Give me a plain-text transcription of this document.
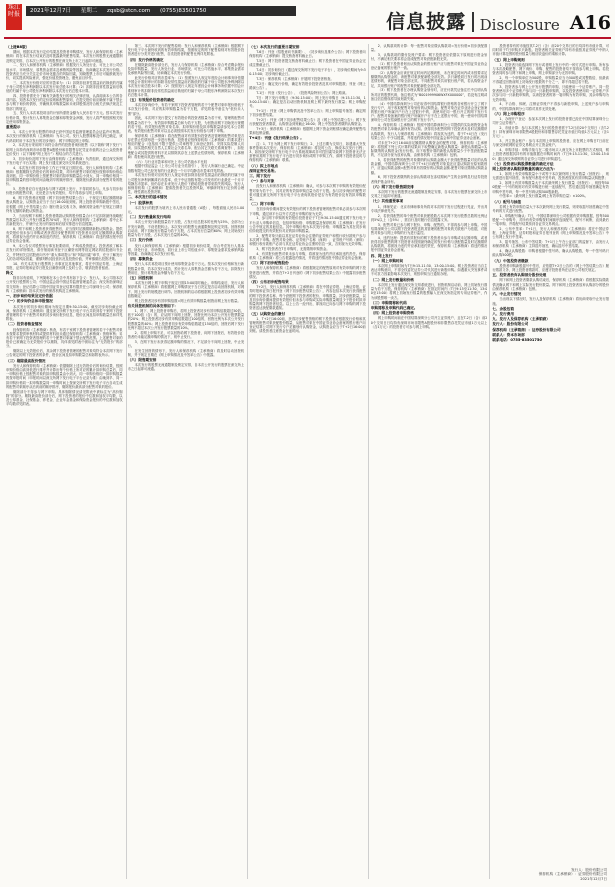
珠江时报	2021年12月7日 星期二 zqsb@stcn.com (0755)83501750	信息披露 Disclosure A16
（上接B8版）
期间，根据本次发行定价结果及投资者申购情况，发行人和保荐机构（主承销商）将在本次发行结束后及时披露最终配售结果。本次发行的股票无流通限制及锁定安排，自本次公开发行的股票在深交所上市之日起即可流通。
二、发行人和保荐机构（主承销商）根据发行人所处行业、可比上市公司估值水平、市场情况、募集资金需求及承销风险等因素，协商确定本次发行价格。投资者应当充分关注定价市场化蕴含的风险因素，知晓股票上市后可能跌破发行价，切实提高风险意识，强化价值投资理念，避免盲目炒作。
三、本次发行价格对应的市盈率为：（1）扣除非经常性损益前后孰低的归属于母公司股东净利润除以本次发行前总股本计算；（2）扣除非经常性损益前后孰低的归属于母公司股东净利润除以本次发行后总股本计算。
四、投资者需充分了解有关新股发行的相关法律法规，认真阅读本公告的各项内容，知悉本次发行的定价原则和配售原则，在提交报价前应确保不属于禁止参与网下询价的情形，并确保其申购数量和未来持股情况符合相关法律法规及主管部门的规定。
五、发行人本次募投项目的计划所需资金额为人民币若干万元。按本次发行价格计算，预计发行人募集资金总额和募集资金净额，发行人将严格按照相关规定使用募集资金。
重要提示
1、本次公开发行股票的申请已获中国证券监督管理委员会证监许可核准。本次发行的保荐机构（主承销商）为本公司。发行人股票简称及代码已确定，该代码同时用于本次发行的初步询价、网下申购及网上申购。
2、本次发行采用网下向符合条件的投资者询价配售（以下简称“网下发行”）和网上向持有深圳市场非限售A股股份和非限售存托凭证市值的社会公众投资者定价发行（以下简称“网上发行”）相结合的方式进行。
3、初步询价及网下发行由保荐机构（主承销商）负责组织，通过深交所网下发行电子平台实施；网上发行通过深交所交易系统进行。
4、本次发行的初步询价工作已于规定日期完成。发行人和保荐机构（主承销商）根据剔除无效报价后的询价结果，对所有配售对象的报价按照申购价格由高到低、同一申购价格上按配售对象的拟申购数量由小到大、同一申购价格同一拟申购数量的按申报时间由晚到早的顺序排序，剔除报价最高部分配售对象的报价。
5、投资者应自行选择参与网下或网上发行，不得同时参与。凡参与初步询价报价的配售对象，无论是否为有效报价，均不得再参与网上申购。
6、网下投资者应根据《网下初步配售结果公告》，于规定日期足额缴纳新股认购资金，认购资金应当于当日16:00前到账。网上投资者申购新股中签后，应根据《网上中签结果公告》履行资金交收义务，确保其资金账户在规定日期日终有足额的新股认购资金。
7、当出现网下和网上投资者缴款认购的股份数量合计不足扣除最终战略配售数量后本次公开发行数量的70%时，发行人和保荐机构（主承销商）将中止本次新股发行，并就中止发行的原因和后续安排进行信息披露。
8、网下和网上投资者获得配售后，应当按时足额缴纳新股认购资金。提供有效报价但未参与申购或者获得初步配售的网下投资者未及时足额缴纳认购款的，将被视为违约并应承担违约责任，保荐机构（主承销商）将违约情况报中国证券业协会备案。
9、本公告仅对股票发行事宜扼要说明，不构成投资建议。投资者欲了解本次发行的详细情况，请仔细阅读刊登于巨潮资讯网等指定网站的招股意向书全文，并特别关注招股意向书中“重大事项提示”和“风险因素”章节，充分了解发行人的各项风险因素，谨慎判断其经营状况及投资价值，并审慎做出投资决策。
10、有关本次发行股票的上市事宜及其他事宜，将在中国证券报、上海证券报、证券时报和证券日报及巨潮资讯网上及时公告，敬请投资者留意。
释义
除非另有说明，下列简称在本公告中具有如下含义：发行人、本公司指本次公开发行股票的公司；中国证监会指中国证券监督管理委员会；深交所指深圳证券交易所；登记结算公司指中国证券登记结算有限责任公司深圳分公司；保荐机构（主承销商）指本次发行的保荐机构及主承销商。
一、初步询价结果及定价依据
（一）初步询价总体申报情况
本次发行的初步询价期间为规定日期9:30-15:00。截至初步询价截止时间，保荐机构（主承销商）通过深交所网下发行电子平台共收到若干家网下投资者管理的若干个配售对象的初步询价报价信息，报价区间及拟申购数量总和详见附表。
（二）投资者核查情况
经保荐机构（主承销商）核查，有若干家网下投资者管理的若干个配售对象未按要求提供审核材料或提供材料但未通过保荐机构（主承销商）资格审核；另有若干家网下投资者管理的若干个配售对象属于禁止配售范围。上述配售对象的报价已被确定为无效报价予以剔除，具体请见附表中被标注为“无效报价”的部分。
剔除以上无效报价后，其余网下投资者管理的配售对象均符合本次网下发行公告规定的网下投资者的条件，报价区间及拟申购数量总和如附表所示。
（三）剔除最高报价情况
发行人和保荐机构（主承销商）依据剔除上述无效报价后的询价结果，按照申购价格由高到低进行排序并计算出每个价格上所对应的累计拟申购总量后，同一申购价格上按配售对象的拟申购数量由小到大、同一申购价格同一拟申购数量的按申报时间（申报时间以深交所网下发行电子平台记录为准）由晚到早、同一拟申购价格同一拟申购数量同一申购时间上按深交所网下发行电子平台自动生成的配售对象顺序从后到前的顺序排序，剔除报价最高部分配售对象的报价。
剔除部分不得参与网下申购。具体剔除情况请见附表中被标注为“高价剔除”的部分。剔除最高报价部分后，网下投资者的报价中位数和加权平均数，以及公募基金、社保基金、养老金、企业年金基金和保险资金报价的中位数和加权平均数详见附表。
第三、本次网下发行的配售原则：发行人和保荐机构（主承销商）根据网下发行电子平台最终收到的有效申购结果，按照规定的网下配售原则对有效报价投资者进行分类并进行配售，各类投资者的配售比例详见附表。
（四）发行价格的确定
在剔除最高报价部分后，发行人与保荐机构（主承销商）综合考虑剩余报价及拟申购数量、发行人所处行业、市场情况、可比公司估值水平、募集资金需求及承销风险等因素，协商确定本次发行价格。
此发行价格对应的市盈率为：（1）按照发行人规定年度经会计师事务所依据中国会计准则审计的扣除非经常性损益前后孰低的归属于母公司股东净利润除以本次发行前总股本计算；（2）按照发行人规定年度经会计师事务所依据中国会计准则审计的扣除非经常性损益前后孰低的归属于母公司股东净利润除以本次发行后总股本计算。
（五）有效报价投资者的确定
本次初步询价中，有若干家网下投资者管理的若干个配售对象申报价格低于本次发行价格，对应的拟申购数量为若干万股，详见附表中备注为“低价未入围”部分。
因此，本次网下发行提交了有效报价的投资者数量为若干家，管理的配售对象数量为若干个，有效拟申购数量总和为若干万股，为回拨前网下初始发行规模的若干倍。有效报价配售对象名单、拟申购价格及拟申购数量请参见本公告附表。有效报价配售对象可以且必须按照本次发行价格参与网下申购。
保荐机构（主承销商）将在配售前对有效报价投资者及管理的配售对象是否存在禁止性情形进一步进行核查，投资者应按保荐机构（主承销商）的要求进行相应的配合（包括但不限于提供公司章程等工商登记资料、安排实际控制人访谈、如实提供相关自然人主要社会关系名单、配合其它关联关系调查等），如拒绝配合或其提供的材料不足以排除其存在上述禁止性情形的，保荐机构（主承销商）将拒绝向其进行配售。
（六）与行业市盈率和可比上市公司估值水平比较
根据中国证监会《上市公司行业分类指引》，发行人所属行业已确定。中证指数有限公司已经发布的行业最近一个月平均静态市盈率详见附表。
本次发行价格对应的发行人规定年度扣除非经常性损益前后孰低的归属于母公司股东净利润摊薄后市盈率，低于中证指数有限公司发布的行业最近一个月平均静态市盈率，但仍存在未来发行人股价下跌给投资者带来损失的风险。发行人和保荐机构（主承销商）提请投资者关注投资风险，审慎研判发行定价的合理性，理性做出投资决策。
二、本次发行的基本情况
（一）股票种类
本次发行的股票为境内上市人民币普通股（A股），每股面值人民币1.00元。
（二）发行数量和发行结构
本次公开发行新股数量若干万股，占发行后总股本的比例为25%，全部为公开发行新股，不设老股转让。本次发行的股票无流通限制及锁定安排。回拨机制启动前，网下初始发行数量为若干万股，占本次发行总量的60%；网上初始发行数量为若干万股，占本次发行总量的40%。
（三）发行价格
发行人和保荐机构（主承销商）根据初步询价结果，综合考虑发行人基本面、所处行业、市场情况、同行业上市公司估值水平、募集资金需求及承销风险等因素，协商确定本次发行价格。
（四）募集资金
发行人本次募投项目预计使用募集资金若干万元。按本次发行价格和发行新股数量计算，若本次发行成功，预计发行人募集资金总额为若干万元，扣除发行费用后，预计募集资金净额为若干万元。
（五）回拨机制
本次发行网上网下申购于规定日期15:00同时截止。申购结束后，发行人和保荐机构（主承销商）将根据网上申购情况于当日决定是否启动回拨机制，对网下、网上发行的规模进行调节。回拨机制的启动将根据网上投资者初步有效申购倍数确定：
网上投资者初步有效申购倍数=网上有效申购数量/回拨前网上发行数量。
有关回拨机制的具体安排如下：
1、网下、网上投资者申购后，若网上投资者初步有效申购倍数超过50倍、低于100倍（含）的，应从网下向网上回拨，回拨比例为本次公开发行股票数量的20%；网上投资者初步有效申购倍数超过100倍的，回拨比例为本次公开发行股票数量的40%；网上投资者初步有效申购倍数超过150倍的，回拨后网下发行比例不超过本次公开发行股票数量的10%。
2、若网上申购不足，可以回拨给网下投资者，向网下回拨后，有效报价投资者仍未能足额申购的情况下，则中止发行。
3、在网下发行未获得足额申购的情况下，不足部分不向网上回拨，中止发行。
在发生回拨的情形下，发行人和保荐机构（主承销商）将及时启动回拨机制，并于规定日期在《网上申购情况及中签率公告》中披露。
（六）限售期安排
本次发行的股票无流通限制及锁定安排，自本次公开发行的股票在深交所上市之日起即可流通。
（七）本次发行的重要日期安排
T-6日：刊登《招股意向书摘要》、《初步询价及推介公告》；网下投资者向保荐机构（主承销商）提交核查材料截止日。
T-5日：网下投资者提交核查材料截止日；网下投资者在中国证券业协会完成注册截止日。
T-4日：初步询价日（通过深交所网下发行电子平台），初步询价期间为9:30-15:00；初步询价截止日。
T-3日：保荐机构（主承销商）开展网下投资者核查。
T-2日：确定发行价格，确定有效报价投资者及其可申购股数；刊登《网上路演公告》。
T-1日：刊登《发行公告》、《投资风险特别公告》；网上路演。
T日：网下发行申购日（9:30-15:00）；网上发行申购日（9:15-11:30，13:00-15:00）；确定是否启动回拨机制及网上网下最终发行数量；网上申购配号。
T+1日：刊登《网上申购情况及中签率公告》；网上申购摇号抽签；确定网下初步配售结果。
T+2日：刊登《网下初步配售结果公告》及《网上中签结果公告》；网下发行获配投资者缴款，认购资金到账截止16:00；网上中签投资者缴纳认购资金。
T+3日：保荐机构（主承销商）根据网上网下资金到账情况确定最终配售结果和包销金额。
T+4日：刊登《发行结果公告》。
注：1、T日为网上网下发行申购日；2、上述日期为交易日，如遇重大突发事件影响本次发行，保荐机构（主承销商）将及时公告，修改本次发行日程；3、如因深交所网下发行电子平台系统故障或非可控因素导致网下投资者无法正常使用其网下发行电子平台进行初步询价或网下申购工作，请网下投资者及时与保荐机构（主承销商）联系。
（八）拟上市地点
深圳证券交易所。
三、网下发行
（一）参与对象
经发行人和保荐机构（主承销商）确认，可参与本次网下申购的有效报价配售对象为若干个，其对应的有效拟申购总量为若干万股。参与初步询价的配售对象可通过深交所网下发行电子平台查询其报价是否为有效报价及有效拟申购数量。
（二）网下申购
在初步询价期间提交有效报价的网下投资者管理的配售对象必须参与本次网下申购，通过该平台以外方式进行申购的视为无效。
1、参与网下申购的有效报价投资者应于T日9:30-15:00通过网下发行电子平台录入申购单信息，包括申购价格、申购数量及保荐机构（主承销商）在发行公告中规定的其他信息。其中申购价格为本次发行价格；申购数量为其在初步询价阶段提交的有效报价对应的拟申购数量。
2、配售对象只能以其在证券业协会注册的证券账户和银行收付款账户参与本次网下申购。配售对象全称、证券账户名称（深圳）、证券账户号码（深圳）和银行收付款账户必须与其在证券业协会注册的信息一致，否则视为无效申购。
3、网下投资者在T日申购时，无需缴纳申购资金。
4、有效报价配售对象未参与申购，将被视为违约并应承担违约责任。保荐机构（主承销商）将公告披露违约情况，并将违约情况报中国证券业协会备案。
（三）网下初步配售股份
发行人和保荐机构（主承销商）将根据规定的配售原则对有效申购的网下投资者进行配售，并将在T+2日刊登的《网下初步配售结果公告》中披露初步配售情况。
（四）公布初步配售结果
T+2日，发行人和保荐机构（主承销商）将在中国证券报、上海证券报、证券时报和证券日报刊登《网下初步配售结果公告》，内容包括本次发行获得配售的网下投资者名称、每个获配网下投资者的报价、申购数量、初步获配数量，以及初步询价期间提供有效报价但未参与申购或实际申购数量明显少于报价时拟申购量的网下投资者信息。以上公告一经刊出，即视同已向参与网下申购的网下投资者送达获配缴款通知。
（五）认购资金的缴付
1、T+2日16:00前，获得初步配售资格的网下投资者应根据发行价格和其管理的配售对象获配股份数量，从配售对象在中国证券业协会备案的银行账户向登记结算公司网下发行专户足额划付认购资金，认购资金应当于T+2日16:00前到账。请投资者注意资金在途时间。
2、认购款项的计算：每一配售对象应缴认购款项=发行价格×初步获配数量。
3、认购款项的缴付及账户要求：网下投资者应依据以下原则进行资金划付，不满足相关要求将会造成配售对象获配新股无效。
（1）网下投资者划出认购资金的银行账户应与配售对象在中国证券业协会登记备案的银行账户一致。
（2）认购资金应该在规定时间内足额到账，未在规定时间内或未按要求足额缴纳认购资金的，该配售对象获配新股全部无效。多只新股同日发行时出现前述情形的，该配售对象全部无效。不同配售对象共用银行账户的，若认购资金不足，共用银行账户的配售对象获配新股全部无效。
（3）网下投资者在办理认购资金划付时，应在付款凭证备注栏中注明认购所对应的股票代码，备注格式为“B001999906WXFX000000”，若没有注明或备注信息错误将导致划款失败。
（4）中国结算深圳分公司在取得中国结算银行资格的各家银行开立了网下发行专户，用于收取配售对象划付的认购资金。配售对象在证券业协会登记备案的银行账户所属开户行在上述银行中的，须使用在同一银行开立的网下发行专户；配售对象备案的银行账户所属开户行不在上述银行中的，统一使用中国结算深圳分公司在招商银行开立的网下发行专户。
4、保荐机构（主承销商）按照中国结算深圳分公司提供的实际划拨资金有效配售对象名单确认最终有效认购。获得初步配售的网下投资者未及时足额缴纳认购款的，发行人与保荐机构（主承销商）将视其为违约，将于T+4日在《发行结果公告》中予以披露，并将违约情况报中国证监会和中国证券业协会备案。
对未在T+2日16:00前足额缴纳认购资金的配售对象，保荐机构（主承销商）将按照下列公式计算的结果向下取整确定新股认购数量：新股认购数量=实际缴纳的认购资金/发行价格。向下取整计算的新股认购数量少于中签获配数量的，不足部分视为放弃认购，由保荐机构（主承销商）包销。
5、若获得配售的配售对象缴纳的认购款金额大于获得配售数量对应的认购款金额，中国结算深圳分公司于T+4日向配售对象退还应退认购款至原划款账户，应退认购款金额=配售对象有效缴付的认购款金额-配售对象应缴纳认购款金额。
6、网下投资者缴纳的全部认购款项在冻结期间产生的全部利息归证券投资者保护基金所有。
（六）网下发行限售期安排
本次网下发行的股票无流通限制及锁定安排，自本次发行股票在深交所上市交易之日起即可流通。
（七）其他重要事项
1、律师见证：北京市律师事务所将对本次网下发行过程进行见证，并出具专项法律意见书。
2、若获得配售的单个配售对象获配股数占本次网下发行股票总数的比例达到5%以上（含5%），需自行及时履行信息披露义务。
3、配售对象已参与网下报价、申购、配售的，不得再参与网上申购。中国结算深圳分公司以网下投资者报送的其管理的配售对象的关联账户为依据，对配售对象参与网上申购的行为进行监控。
4、违约处理：提供有效报价的网下投资者未参与申购或未足额申购，或者获得初步配售的网下投资者未按照最终确定的发行价格与获配数量及时足额缴纳认购款的，将被视为违约并应承担违约责任，保荐机构（主承销商）将违约情况报中国证券业协会备案。
四、网上发行
（一）网上申购时间
本次网上申购时间为T日9:15-11:30、13:00-15:00。网上投资者应当自主表达申购意向，不得全权委托证券公司代其进行新股申购。如遇重大突发事件或不可抗力因素影响本次发行，则按申购当日通知办理。
（二）网上发行数量和价格
本次网上发行通过深交所交易系统进行，回拨机制启动前，网上初始发行数量为若干万股。保荐机构（主承销商）在指定时间内（T日9:15至11:30，13:00至15:00）将网上初始发行数量的股票输入在深交所指定的专用证券账户，作为该股票唯一卖方。
（三）申购简称和代码
申购简称及申购代码已确定。
（四）网上投资者申购资格
网上申购时间前在中国结算深圳分公司开立证券账户、且在T-2日（含）前20个交易日日均持有深圳市场非限售A股股份和非限售存托凭证市值1万元以上（含1万元）的投资者方可参与网上申购。
投资者持有的市值按其T-2日（含）前20个交易日的日均持有市值计算，可同时用于T日申购多只新股。投资者相关证券账户持有市值按其证券账户中纳入市值计算范围的股份数量与相应收盘价的乘积计算。
（五）网上申购规则
1、投资者只能选择网下发行或者网上发行中的一种方式进行申购。所有参与本次战略配售、网下询价、申购、配售的投资者均不得再参与网上申购。若投资者同时参与网下和网上申购，网上申购部分为无效申购。
2、每一个申购单位为500股，申购数量应当为500股或其整数倍，但最高不得超过回拨前网上初始发行股数的千分之一，即不得超过若干股。
3、投资者参与网上公开发行股票的申购，只能使用一个证券账户。同一投资者使用多个证券账户参与同一只新股申购的，以及投资者使用同一证券账户多次参与同一只新股申购的，以该投资者的第一笔申购为有效申购，其余申购均为无效申购。
4、不合格、休眠、注销证券账户不得参与新股申购，上述账户参与申购的，中国结算深圳分公司将对其作无效处理。
（六）网上申购程序
1、办理开户登记：参加本次网上发行的投资者需已经在中国结算深圳分公司开立证券账户。
2、市值计算：参与本次网上发行的投资者需于T-2日前20个交易日（含T-2日）持有深圳市场非限售A股股份和非限售存托凭证市值日均值1万元以上（含1万元）。
3、开立资金账户：参与本次网上申购的投资者，应在网上申购日T日前在与深交所联网的证券交易网点开立资金账户。
4、申购手续：申购手续与在二级市场买入深交所上市股票的方式相同，网上投资者根据其持有的市值数据在申购时间内（T日9:15-11:30，13:00-15:00）通过深交所联网的各证券公司进行申购委托。
（七）投资者认购股票数量的确定方法
网上投资者认购股票数量的确定方法为：
1、如网上有效申购数量小于或等于本次最终网上发行数量（回拨后），则无需进行摇号抽签，所有配号都是中签号码，投资者按其有效申购量认购股票；
2、如网上有效申购数量大于本次最终网上发行数量（回拨后），则按每500股配一个号的规则对有效申购进行统一连续配号，然后通过摇号抽签确定有效申购中签号码，每一中签号码认购500股新股。
中签率=（最终网上发行数量/网上有效申购总量）×100%。
（八）配号与抽签
若网上有效申购总量大于本次最终网上发行数量，则采取摇号抽签确定中签号码的方式进行配售。
1、申购配号确认：T日，中国结算深圳分公司根据有效申购数据，按每500股配一个申购号，对所有有效申购按时间顺序连续配号，配号不间断，直到最后一笔申购，并将配号结果传到各证券交易网点。
2、公布中签率：T+1日，发行人和保荐机构（主承销商）将在中国证券报、上海证券报、证券时报和证券日报刊登的《网上申购情况及中签率公告》中公布网上发行中签率。
3、摇号抽签、公布中签结果：T+1日上午在公证部门的监督下，由发行人和保荐机构（主承销商）主持摇号抽签，确认摇号中签结果。
4、确认认购股数：申购者根据中签号码，确认认购股数，每一中签号码只能认购500股。
（九）中签投资者缴款
投资者申购新股摇号中签后，应依据T+2日公告的《网上中签结果公告》履行缴款义务，网上投资者缴款时，应遵守投资者所在证券公司相关规定。
五、投资者放弃认购部分股份处理
网下和网上投资者缴款认购结束后，保荐机构（主承销商）将根据实际缴款情况确认网下和网上实际发行股份数量。网下和网上投资者放弃认购部分的股份由保荐机构（主承销商）包销。
六、中止发行情况
当出现以下情况时，发行人及保荐机构（主承销商）将协商采取中止发行措施。
七、余股包销
八、发行费用
九、发行人及保荐机构（主承销商）
发行人：股份有限公司
保荐机构（主承销商）：证券股份有限公司
联系人：资本市场部
联系电话：0755-83501750
发行人：股份有限公司
保荐机构（主承销商）：证券股份有限公司
2021年12月7日
